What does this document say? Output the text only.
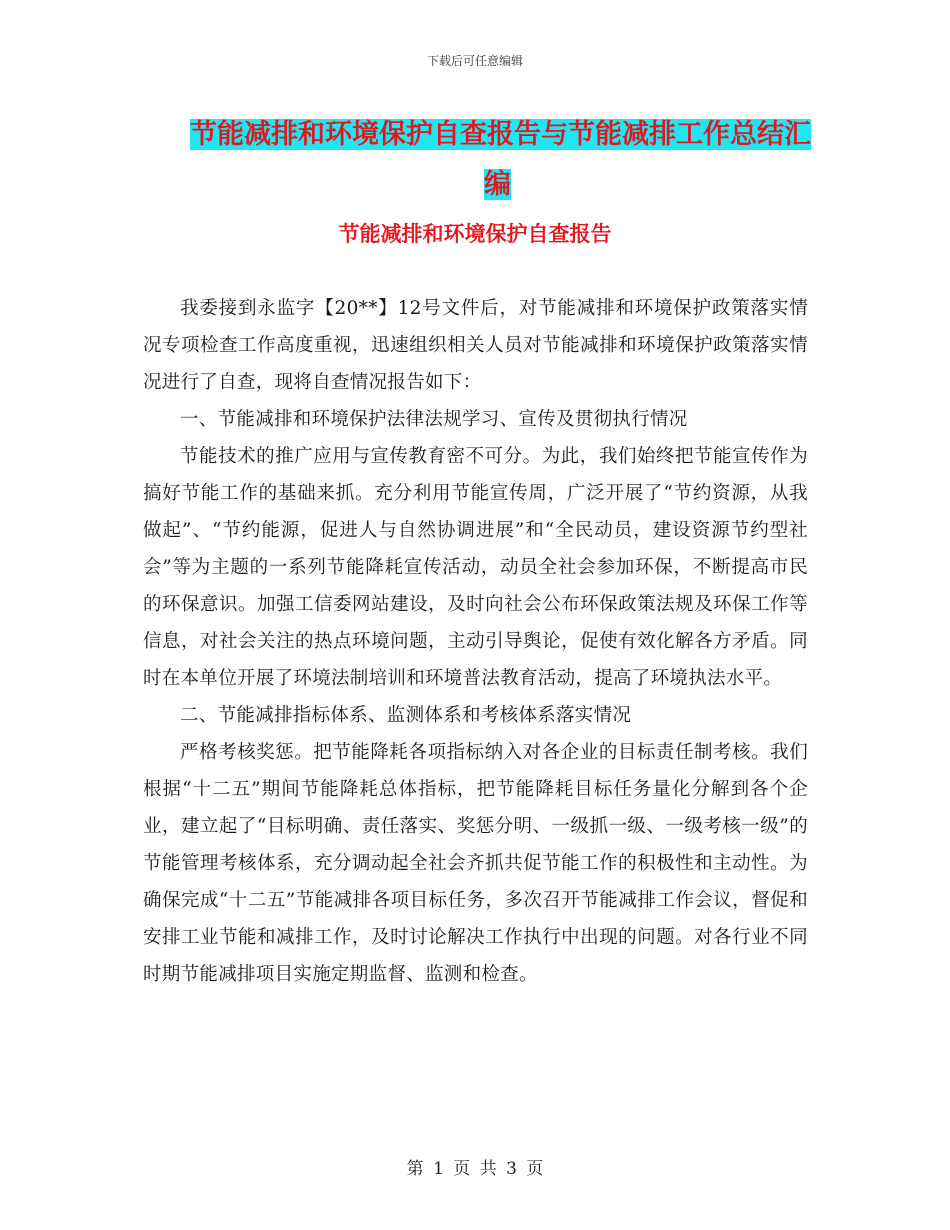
下载后可任意编辑
节能减排和环境保护自查报告与节能减排工作总结汇
编
节能减排和环境保护自查报告

我委接到永监字【20**】12号文件后，对节能减排和环境保护政策落实情况专项检查工作高度重视，迅速组织相关人员对节能减排和环境保护政策落实情况进行了自查，现将自查情况报告如下：

一、节能减排和环境保护法律法规学习、宣传及贯彻执行情况

节能技术的推广应用与宣传教育密不可分。为此，我们始终把节能宣传作为搞好节能工作的基础来抓。充分利用节能宣传周，广泛开展了“节约资源，从我做起”、“节约能源，促进人与自然协调进展”和“全民动员，建设资源节约型社会”等为主题的一系列节能降耗宣传活动，动员全社会参加环保，不断提高市民的环保意识。加强工信委网站建设，及时向社会公布环保政策法规及环保工作等信息，对社会关注的热点环境问题，主动引导舆论，促使有效化解各方矛盾。同时在本单位开展了环境法制培训和环境普法教育活动，提高了环境执法水平。

二、节能减排指标体系、监测体系和考核体系落实情况

严格考核奖惩。把节能降耗各项指标纳入对各企业的目标责任制考核。我们根据“十二五”期间节能降耗总体指标，把节能降耗目标任务量化分解到各个企业，建立起了“目标明确、责任落实、奖惩分明、一级抓一级、一级考核一级”的节能管理考核体系，充分调动起全社会齐抓共促节能工作的积极性和主动性。为确保完成“十二五”节能减排各项目标任务，多次召开节能减排工作会议，督促和安排工业节能和减排工作，及时讨论解决工作执行中出现的问题。对各行业不同时期节能减排项目实施定期监督、监测和检查。

第 1 页 共 3 页
